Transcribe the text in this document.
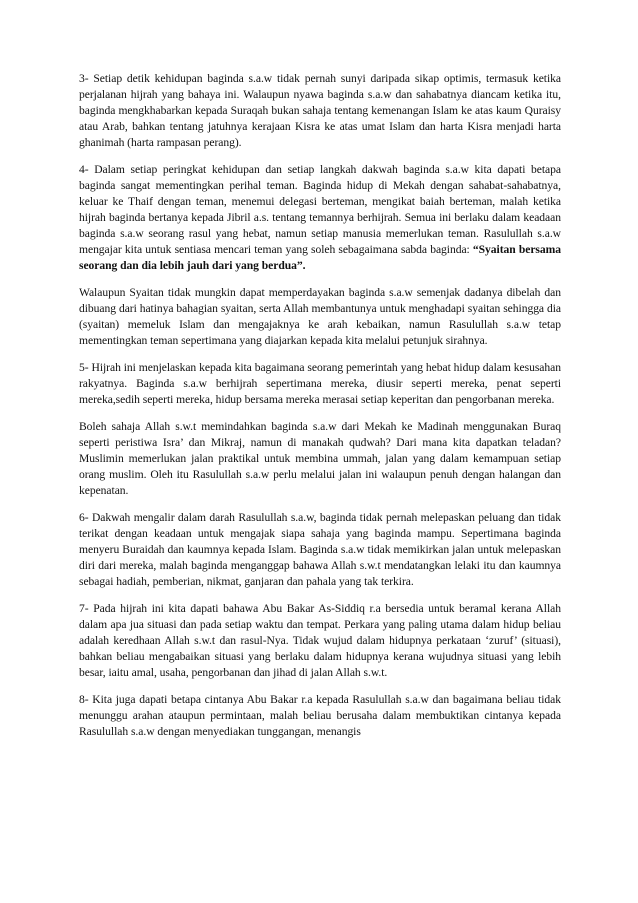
3- Setiap detik kehidupan baginda s.a.w tidak pernah sunyi daripada sikap optimis, termasuk ketika perjalanan hijrah yang bahaya ini. Walaupun nyawa baginda s.a.w dan sahabatnya diancam ketika itu, baginda mengkhabarkan kepada Suraqah bukan sahaja tentang kemenangan Islam ke atas kaum Quraisy atau Arab, bahkan tentang jatuhnya kerajaan Kisra ke atas umat Islam dan harta Kisra menjadi harta ghanimah (harta rampasan perang).

4- Dalam setiap peringkat kehidupan dan setiap langkah dakwah baginda s.a.w kita dapati betapa baginda sangat mementingkan perihal teman. Baginda hidup di Mekah dengan sahabat-sahabatnya, keluar ke Thaif dengan teman, menemui delegasi berteman, mengikat baiah berteman, malah ketika hijrah baginda bertanya kepada Jibril a.s. tentang temannya berhijrah. Semua ini berlaku dalam keadaan baginda s.a.w seorang rasul yang hebat, namun setiap manusia memerlukan teman. Rasulullah s.a.w mengajar kita untuk sentiasa mencari teman yang soleh sebagaimana sabda baginda: “Syaitan bersama seorang dan dia lebih jauh dari yang berdua”.

Walaupun Syaitan tidak mungkin dapat memperdayakan baginda s.a.w semenjak dadanya dibelah dan dibuang dari hatinya bahagian syaitan, serta Allah membantunya untuk menghadapi syaitan sehingga dia (syaitan) memeluk Islam dan mengajaknya ke arah kebaikan, namun Rasulullah s.a.w tetap mementingkan teman sepertimana yang diajarkan kepada kita melalui petunjuk sirahnya.

5- Hijrah ini menjelaskan kepada kita bagaimana seorang pemerintah yang hebat hidup dalam kesusahan rakyatnya. Baginda s.a.w berhijrah sepertimana mereka, diusir seperti mereka, penat seperti mereka,sedih seperti mereka, hidup bersama mereka merasai setiap keperitan dan pengorbanan mereka.

Boleh sahaja Allah s.w.t memindahkan baginda s.a.w dari Mekah ke Madinah menggunakan Buraq seperti peristiwa Isra’ dan Mikraj, namun di manakah qudwah? Dari mana kita dapatkan teladan? Muslimin memerlukan jalan praktikal untuk membina ummah, jalan yang dalam kemampuan setiap orang muslim. Oleh itu Rasulullah s.a.w perlu melalui jalan ini walaupun penuh dengan halangan dan kepenatan.

6- Dakwah mengalir dalam darah Rasulullah s.a.w, baginda tidak pernah melepaskan peluang dan tidak terikat dengan keadaan untuk mengajak siapa sahaja yang baginda mampu. Sepertimana baginda menyeru Buraidah dan kaumnya kepada Islam. Baginda s.a.w tidak memikirkan jalan untuk melepaskan diri dari mereka, malah baginda menganggap bahawa Allah s.w.t mendatangkan lelaki itu dan kaumnya sebagai hadiah, pemberian, nikmat, ganjaran dan pahala yang tak terkira.

7- Pada hijrah ini kita dapati bahawa Abu Bakar As-Siddiq r.a bersedia untuk beramal kerana Allah dalam apa jua situasi dan pada setiap waktu dan tempat. Perkara yang paling utama dalam hidup beliau adalah keredhaan Allah s.w.t dan rasul-Nya. Tidak wujud dalam hidupnya perkataan ‘zuruf’ (situasi), bahkan beliau mengabaikan situasi yang berlaku dalam hidupnya kerana wujudnya situasi yang lebih besar, iaitu amal, usaha, pengorbanan dan jihad di jalan Allah s.w.t.

8- Kita juga dapati betapa cintanya Abu Bakar r.a kepada Rasulullah s.a.w dan bagaimana beliau tidak menunggu arahan ataupun permintaan, malah beliau berusaha dalam membuktikan cintanya kepada Rasulullah s.a.w dengan menyediakan tunggangan, menangis
